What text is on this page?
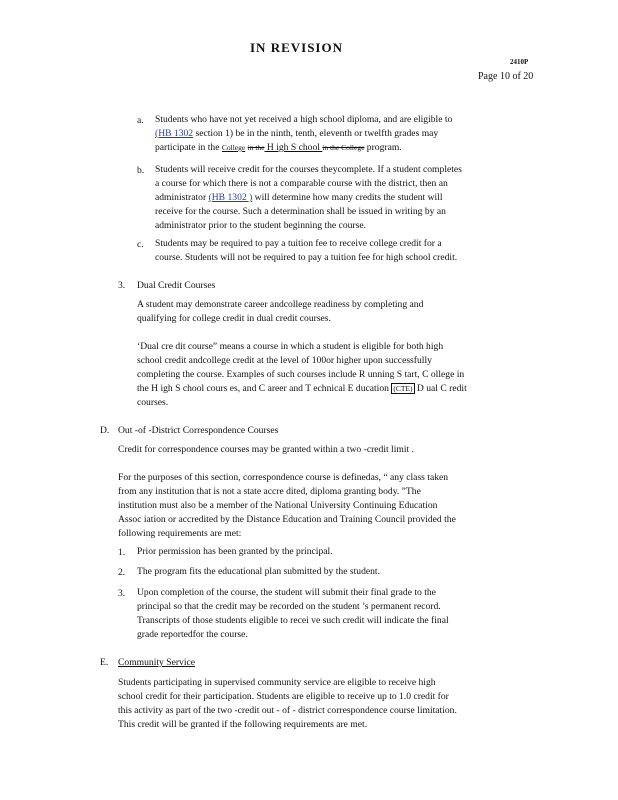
IN REVISION
2410P
Page 10 of 20
a. Students who have not yet received a high school diploma, and are eligible to
(HB 1302 section 1) be in the ninth, tenth, eleventh or twelfth grades may
participate in the College in the H igh S chool in the College program.
b. Students will receive credit for the courses theycomplete. If a student completes
a course for which there is not a comparable course with the district, then an
administrator (HB 1302 ) will determine how many credits the student will
receive for the course. Such a determination shall be issued in writing by an
administrator prior to the student beginning the course.
c. Students may be required to pay a tuition fee to receive college credit for a
course. Students will not be required to pay a tuition fee for high school credit.
3. Dual Credit Courses
A student may demonstrate career andcollege readiness by completing and
qualifying for college credit in dual credit courses.
‘Dual cre dit course” means a course in which a student is eligible for both high
school credit andcollege credit at the level of 100or higher upon successfully
completing the course. Examples of such courses include R unning S tart, C ollege in
the H igh S chool cours es, and C areer and T echnical E ducation (CTE) D ual C redit
courses.
D. Out -of -District Correspondence Courses
Credit for correspondence courses may be granted within a two -credit limit .
For the purposes of this section, correspondence course is definedas, “ any class taken
from any institution that is not a state accre dited, diploma granting body. ”The
institution must also be a member of the National University Continuing Education
Assoc iation or accredited by the Distance Education and Training Council provided the
following requirements are met:
1. Prior permission has been granted by the principal.
2. The program fits the educational plan submitted by the student.
3. Upon completion of the course, the student will submit their final grade to the
principal so that the credit may be recorded on the student ’s permanent record.
Transcripts of those students eligible to recei ve such credit will indicate the final
grade reportedfor the course.
E. Community Service
Students participating in supervised community service are eligible to receive high
school credit for their participation. Students are eligible to receive up to 1.0 credit for
this activity as part of the two -credit out - of - district correspondence course limitation.
This credit will be granted if the following requirements are met.
